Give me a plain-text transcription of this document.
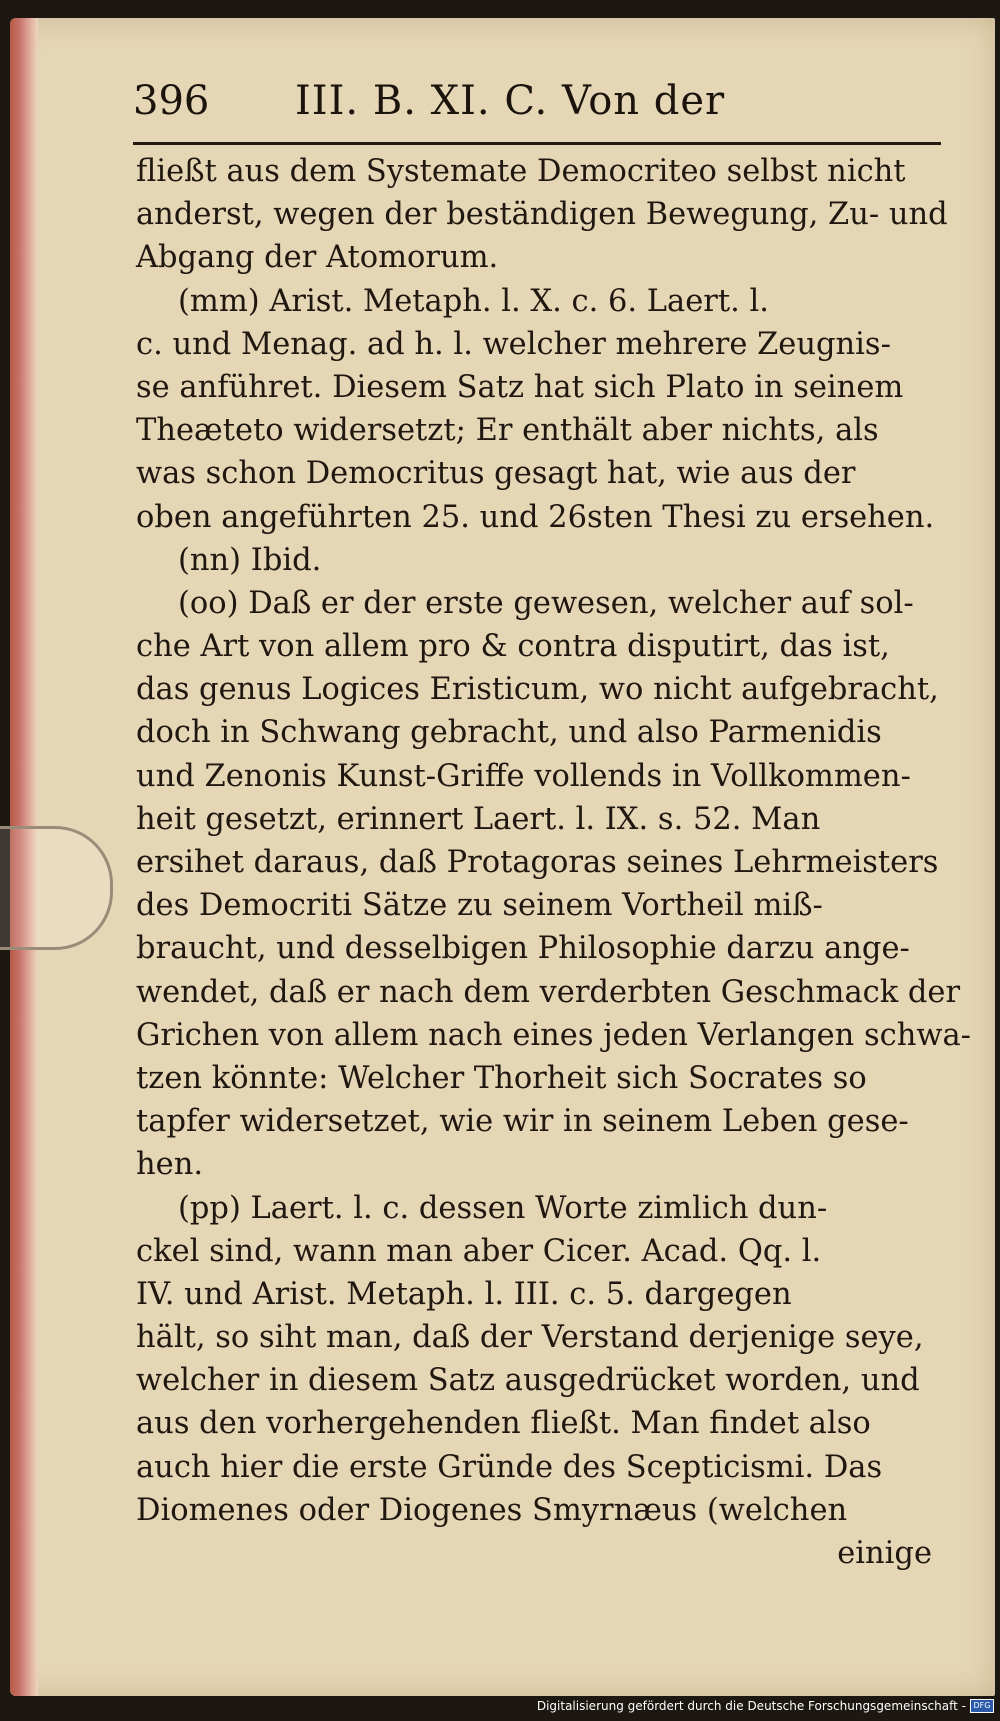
396 III. B. XI. C. Von der
fließt aus dem Systemate Democriteo selbst nicht
anderst, wegen der beständigen Bewegung, Zu- und
Abgang der Atomorum.
(mm) Arist. Metaph. l. X. c. 6. Laert. l.
c. und Menag. ad h. l. welcher mehrere Zeugnis-
se anführet. Diesem Satz hat sich Plato in seinem
Theæteto widersetzt; Er enthält aber nichts, als
was schon Democritus gesagt hat, wie aus der
oben angeführten 25. und 26sten Thesi zu ersehen.
(nn) Ibid.
(oo) Daß er der erste gewesen, welcher auf sol-
che Art von allem pro & contra disputirt, das ist,
das genus Logices Eristicum, wo nicht aufgebracht,
doch in Schwang gebracht, und also Parmenidis
und Zenonis Kunst-Griffe vollends in Vollkommen-
heit gesetzt, erinnert Laert. l. IX. s. 52. Man
ersihet daraus, daß Protagoras seines Lehrmeisters
des Democriti Sätze zu seinem Vortheil miß-
braucht, und desselbigen Philosophie darzu ange-
wendet, daß er nach dem verderbten Geschmack der
Grichen von allem nach eines jeden Verlangen schwa-
tzen könnte: Welcher Thorheit sich Socrates so
tapfer widersetzet, wie wir in seinem Leben gese-
hen.
(pp) Laert. l. c. dessen Worte zimlich dun-
ckel sind, wann man aber Cicer. Acad. Qq. l.
IV. und Arist. Metaph. l. III. c. 5. dargegen
hält, so siht man, daß der Verstand derjenige seye,
welcher in diesem Satz ausgedrücket worden, und
aus den vorhergehenden fließt. Man findet also
auch hier die erste Gründe des Scepticismi. Das
Diomenes oder Diogenes Smyrnæus (welchen
einige
Digitalisierung gefördert durch die Deutsche Forschungsgemeinschaft - DFG
